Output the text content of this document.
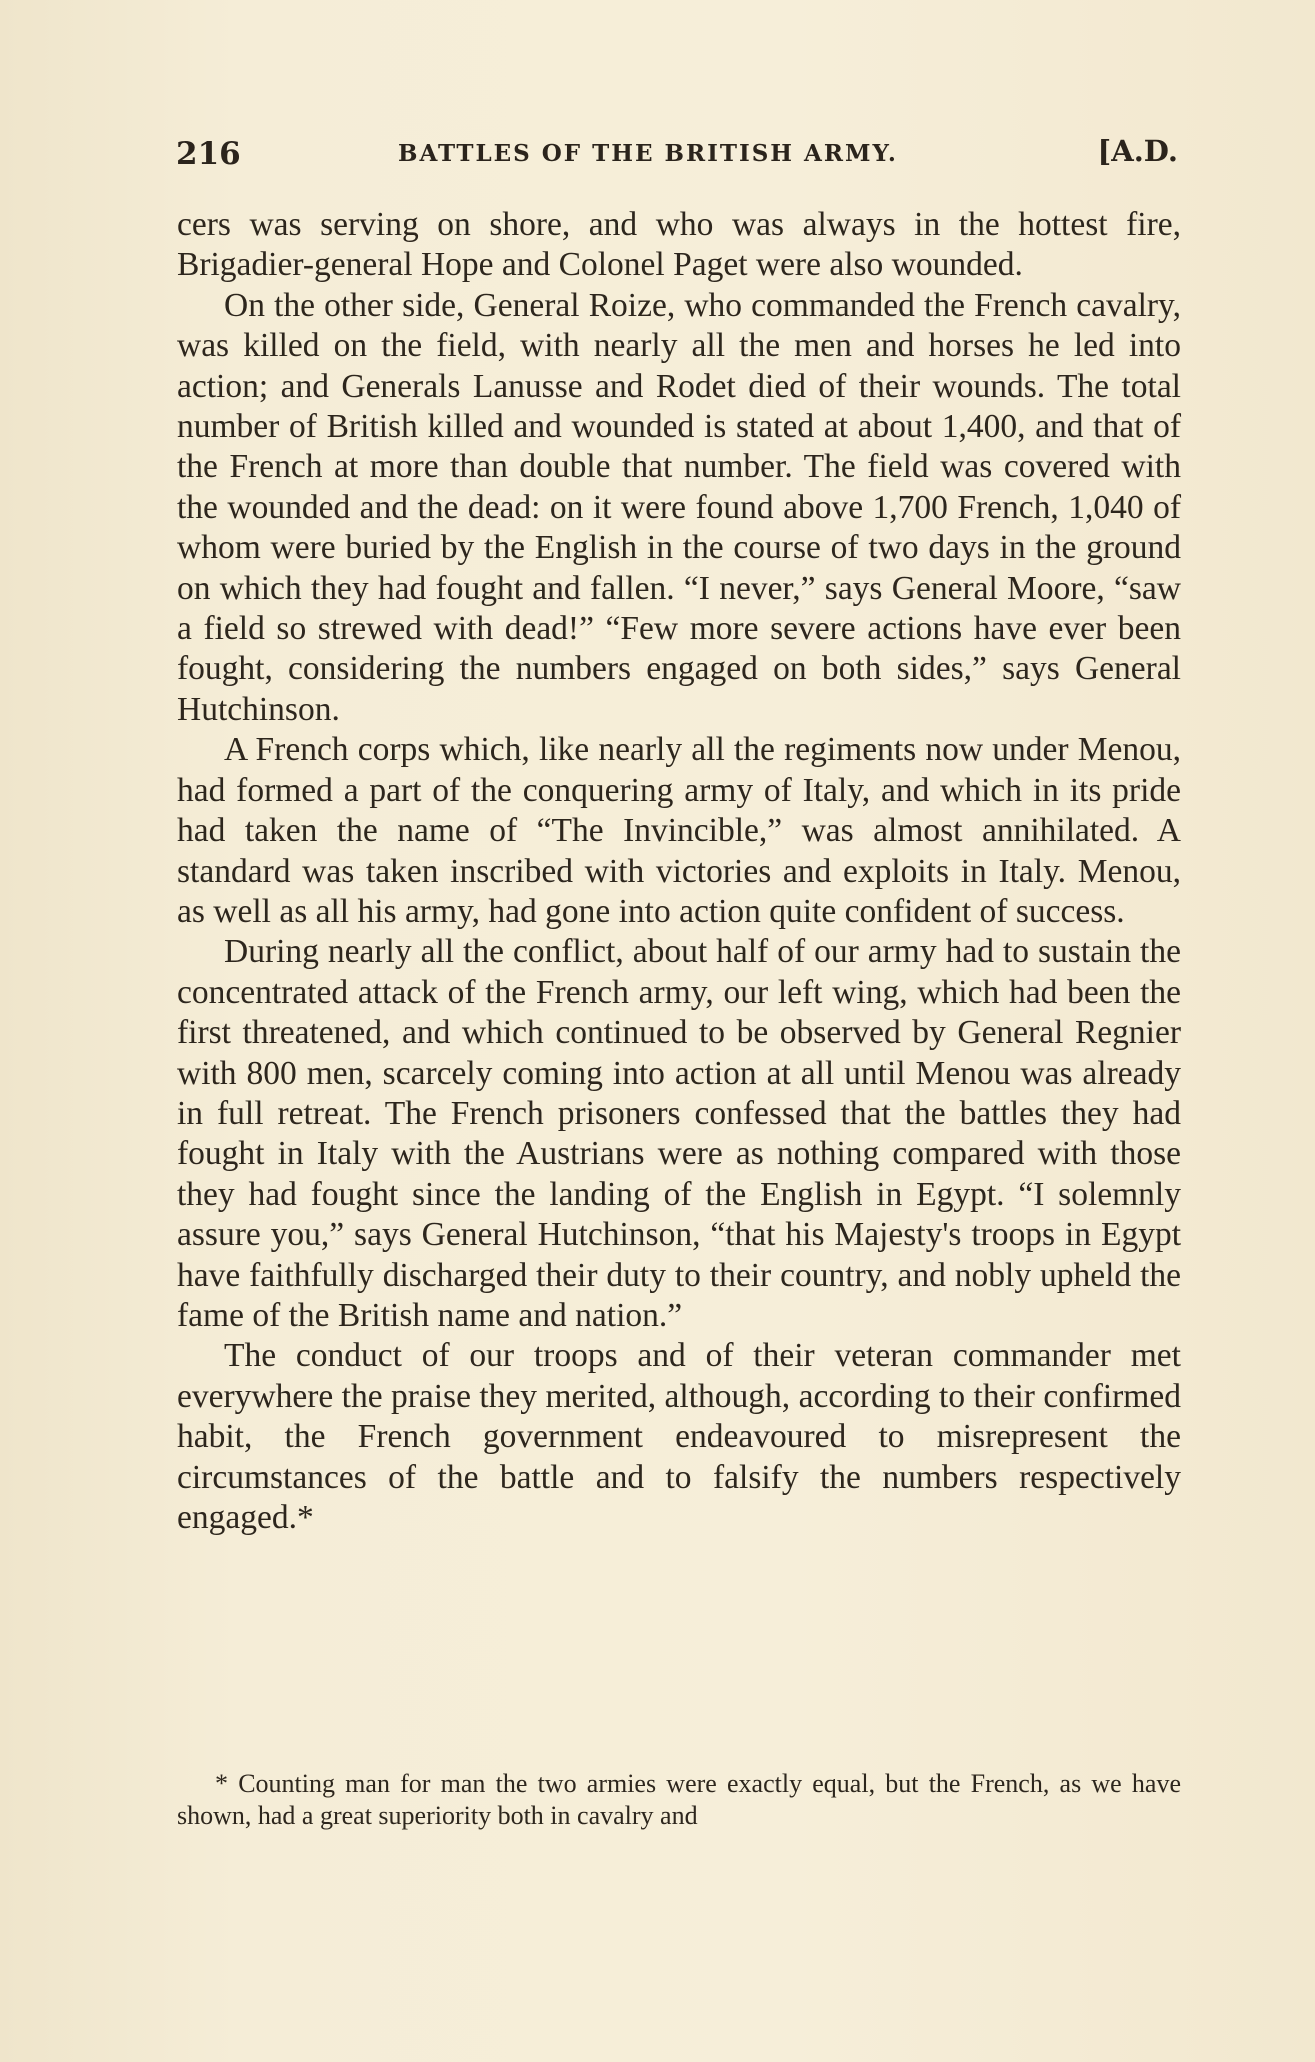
216	BATTLES OF THE BRITISH ARMY.	[A.D.

cers was serving on shore, and who was always in the hottest fire, Brigadier-general Hope and Colonel Paget were also wounded.

On the other side, General Roize, who commanded the French cavalry, was killed on the field, with nearly all the men and horses he led into action; and Generals Lanusse and Rodet died of their wounds. The total number of British killed and wounded is stated at about 1,400, and that of the French at more than double that number. The field was covered with the wounded and the dead: on it were found above 1,700 French, 1,040 of whom were buried by the English in the course of two days in the ground on which they had fought and fallen. “I never,” says General Moore, “saw a field so strewed with dead!” “Few more severe actions have ever been fought, considering the numbers engaged on both sides,” says General Hutchinson.

A French corps which, like nearly all the regiments now under Menou, had formed a part of the conquering army of Italy, and which in its pride had taken the name of “The Invincible,” was almost annihilated. A standard was taken inscribed with victories and exploits in Italy. Menou, as well as all his army, had gone into action quite confident of success.

During nearly all the conflict, about half of our army had to sustain the concentrated attack of the French army, our left wing, which had been the first threatened, and which continued to be observed by General Regnier with 800 men, scarcely coming into action at all until Menou was already in full retreat. The French prisoners confessed that the battles they had fought in Italy with the Austrians were as nothing compared with those they had fought since the landing of the English in Egypt. “I solemnly assure you,” says General Hutchinson, “that his Majesty's troops in Egypt have faithfully discharged their duty to their country, and nobly upheld the fame of the British name and nation.”

The conduct of our troops and of their veteran commander met everywhere the praise they merited, although, according to their confirmed habit, the French government endeavoured to misrepresent the circumstances of the battle and to falsify the numbers respectively engaged.*

* Counting man for man the two armies were exactly equal, but the French, as we have shown, had a great superiority both in cavalry and
